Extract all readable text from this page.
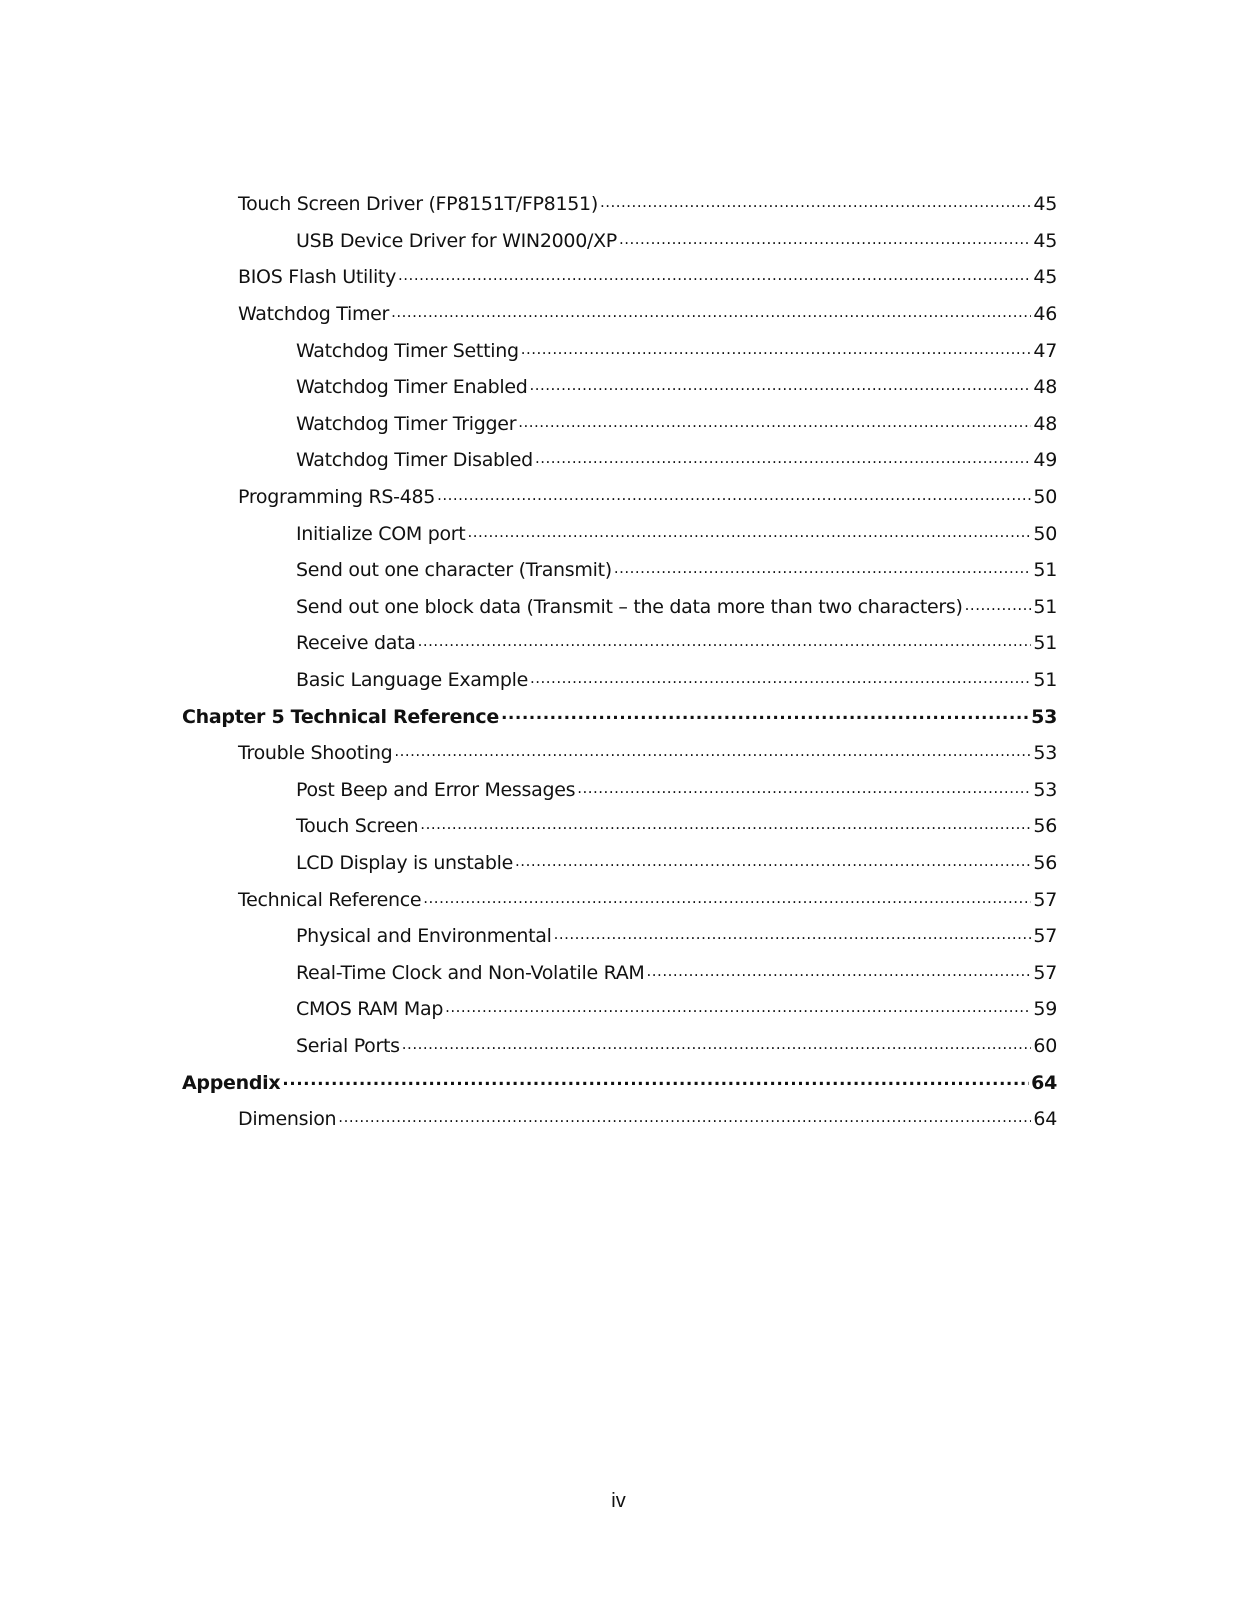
Touch Screen Driver (FP8151T/FP8151) .....	45
USB Device Driver for WIN2000/XP .....	45
BIOS Flash Utility .....	45
Watchdog Timer .....	46
Watchdog Timer Setting .....	47
Watchdog Timer Enabled .....	48
Watchdog Timer Trigger .....	48
Watchdog Timer Disabled .....	49
Programming RS-485 .....	50
Initialize COM port .....	50
Send out one character (Transmit) .....	51
Send out one block data (Transmit – the data more than two characters) .....	51
Receive data .....	51
Basic Language Example .....	51
Chapter 5 Technical Reference .....	53
Trouble Shooting .....	53
Post Beep and Error Messages .....	53
Touch Screen .....	56
LCD Display is unstable .....	56
Technical Reference .....	57
Physical and Environmental .....	57
Real-Time Clock and Non-Volatile RAM .....	57
CMOS RAM Map .....	59
Serial Ports .....	60
Appendix .....	64
Dimension .....	64
iv
